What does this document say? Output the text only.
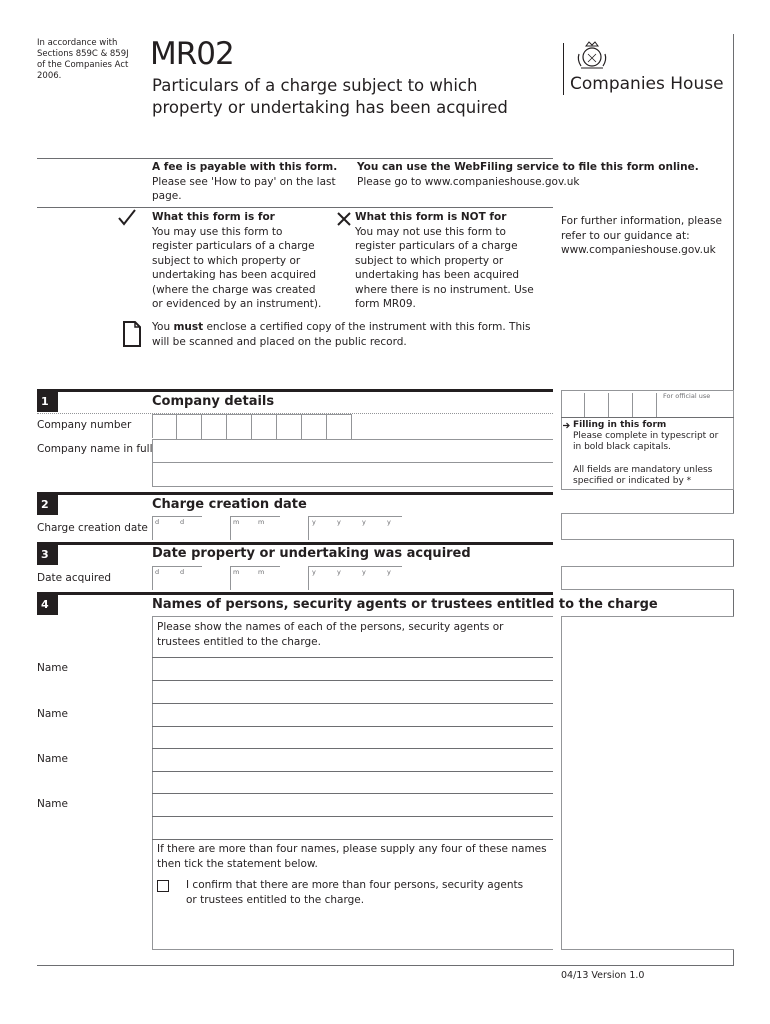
In accordance with Sections 859C & 859J of the Companies Act 2006.
MR02
Particulars of a charge subject to which property or undertaking has been acquired
Companies House
A fee is payable with this form.
Please see 'How to pay' on the last page.
You can use the WebFiling service to file this form online.
Please go to www.companieshouse.gov.uk
What this form is for
You may use this form to register particulars of a charge subject to which property or undertaking has been acquired (where the charge was created or evidenced by an instrument).
What this form is NOT for
You may not use this form to register particulars of a charge subject to which property or undertaking has been acquired where there is no instrument. Use form MR09.
For further information, please refer to our guidance at: www.companieshouse.gov.uk
You must enclose a certified copy of the instrument with this form. This will be scanned and placed on the public record.
1	Company details	For official use
Filling in this form
Please complete in typescript or in bold black capitals.
All fields are mandatory unless specified or indicated by *
Company number
Company name in full
2	Charge creation date
Charge creation date d	d	m	m	y	y	y	y
3	Date property or undertaking was acquired
Date acquired	d	d	m	m	y	y	y	y
4	Names of persons, security agents or trustees entitled to the charge
Please show the names of each of the persons, security agents or trustees entitled to the charge.
Name
Name
Name
Name
If there are more than four names, please supply any four of these names then tick the statement below.
I confirm that there are more than four persons, security agents or trustees entitled to the charge.
04/13 Version 1.0
